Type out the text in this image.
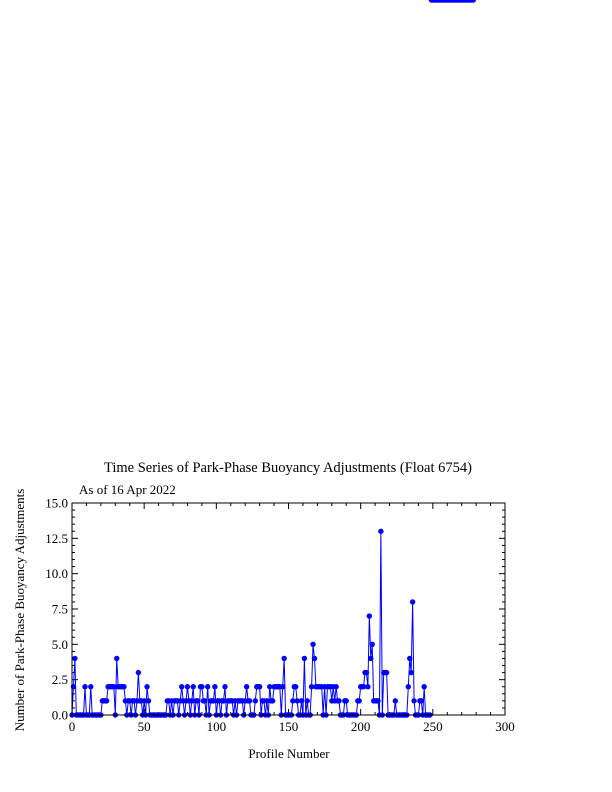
Time Series of Park-Phase Buoyancy Adjustments (Float 6754)
As of 16 Apr 2022
Profile Number
Number of Park-Phase Buoyancy Adjustments	0	50	100	150	200	250	300
0.0
2.5
5.0
7.5
10.0
12.5
15.0
